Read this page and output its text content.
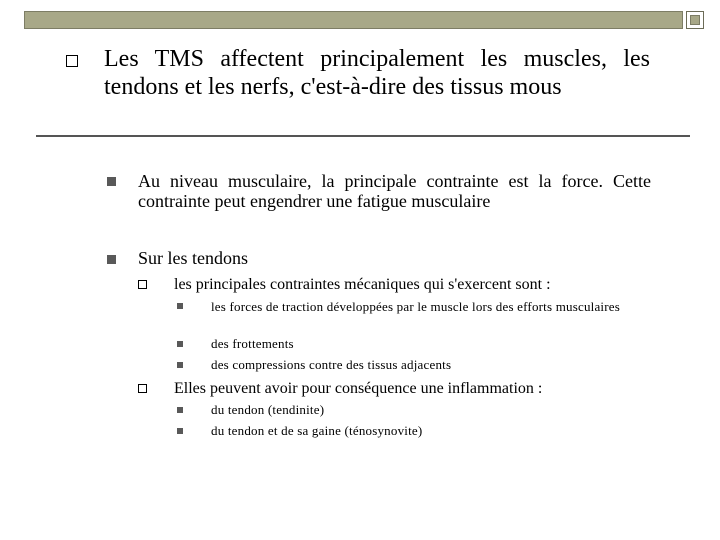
Les TMS affectent principalement les muscles, les tendons et les nerfs, c'est-à-dire des tissus mous
Au niveau musculaire, la principale contrainte est la force. Cette contrainte peut engendrer une fatigue musculaire
Sur les tendons
les principales contraintes mécaniques qui s'exercent sont :
les forces de traction développées par le muscle lors des efforts musculaires
des frottements
des compressions contre des tissus adjacents
Elles peuvent avoir pour conséquence une inflammation :
du tendon (tendinite)
du tendon et de sa gaine (ténosynovite)
